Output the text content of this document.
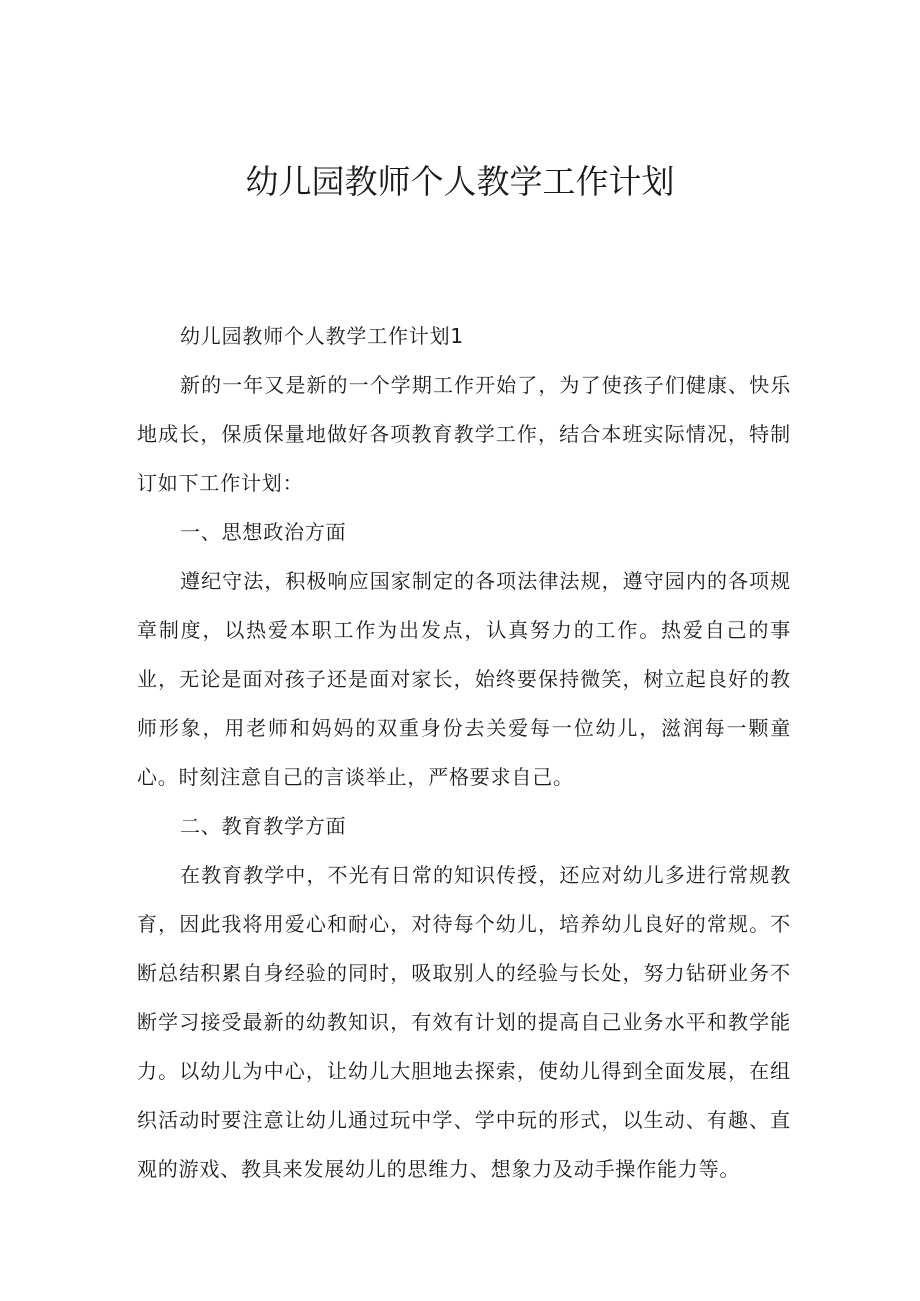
幼儿园教师个人教学工作计划

幼儿园教师个人教学工作计划1

新的一年又是新的一个学期工作开始了，为了使孩子们健康、快乐地成长，保质保量地做好各项教育教学工作，结合本班实际情况，特制订如下工作计划：

一、思想政治方面

遵纪守法，积极响应国家制定的各项法律法规，遵守园内的各项规章制度，以热爱本职工作为出发点，认真努力的工作。热爱自己的事业，无论是面对孩子还是面对家长，始终要保持微笑，树立起良好的教师形象，用老师和妈妈的双重身份去关爱每一位幼儿，滋润每一颗童心。时刻注意自己的言谈举止，严格要求自己。

二、教育教学方面

在教育教学中，不光有日常的知识传授，还应对幼儿多进行常规教育，因此我将用爱心和耐心，对待每个幼儿，培养幼儿良好的常规。不断总结积累自身经验的同时，吸取别人的经验与长处，努力钻研业务不断学习接受最新的幼教知识，有效有计划的提高自己业务水平和教学能力。以幼儿为中心，让幼儿大胆地去探索，使幼儿得到全面发展，在组织活动时要注意让幼儿通过玩中学、学中玩的形式，以生动、有趣、直观的游戏、教具来发展幼儿的思维力、想象力及动手操作能力等。
